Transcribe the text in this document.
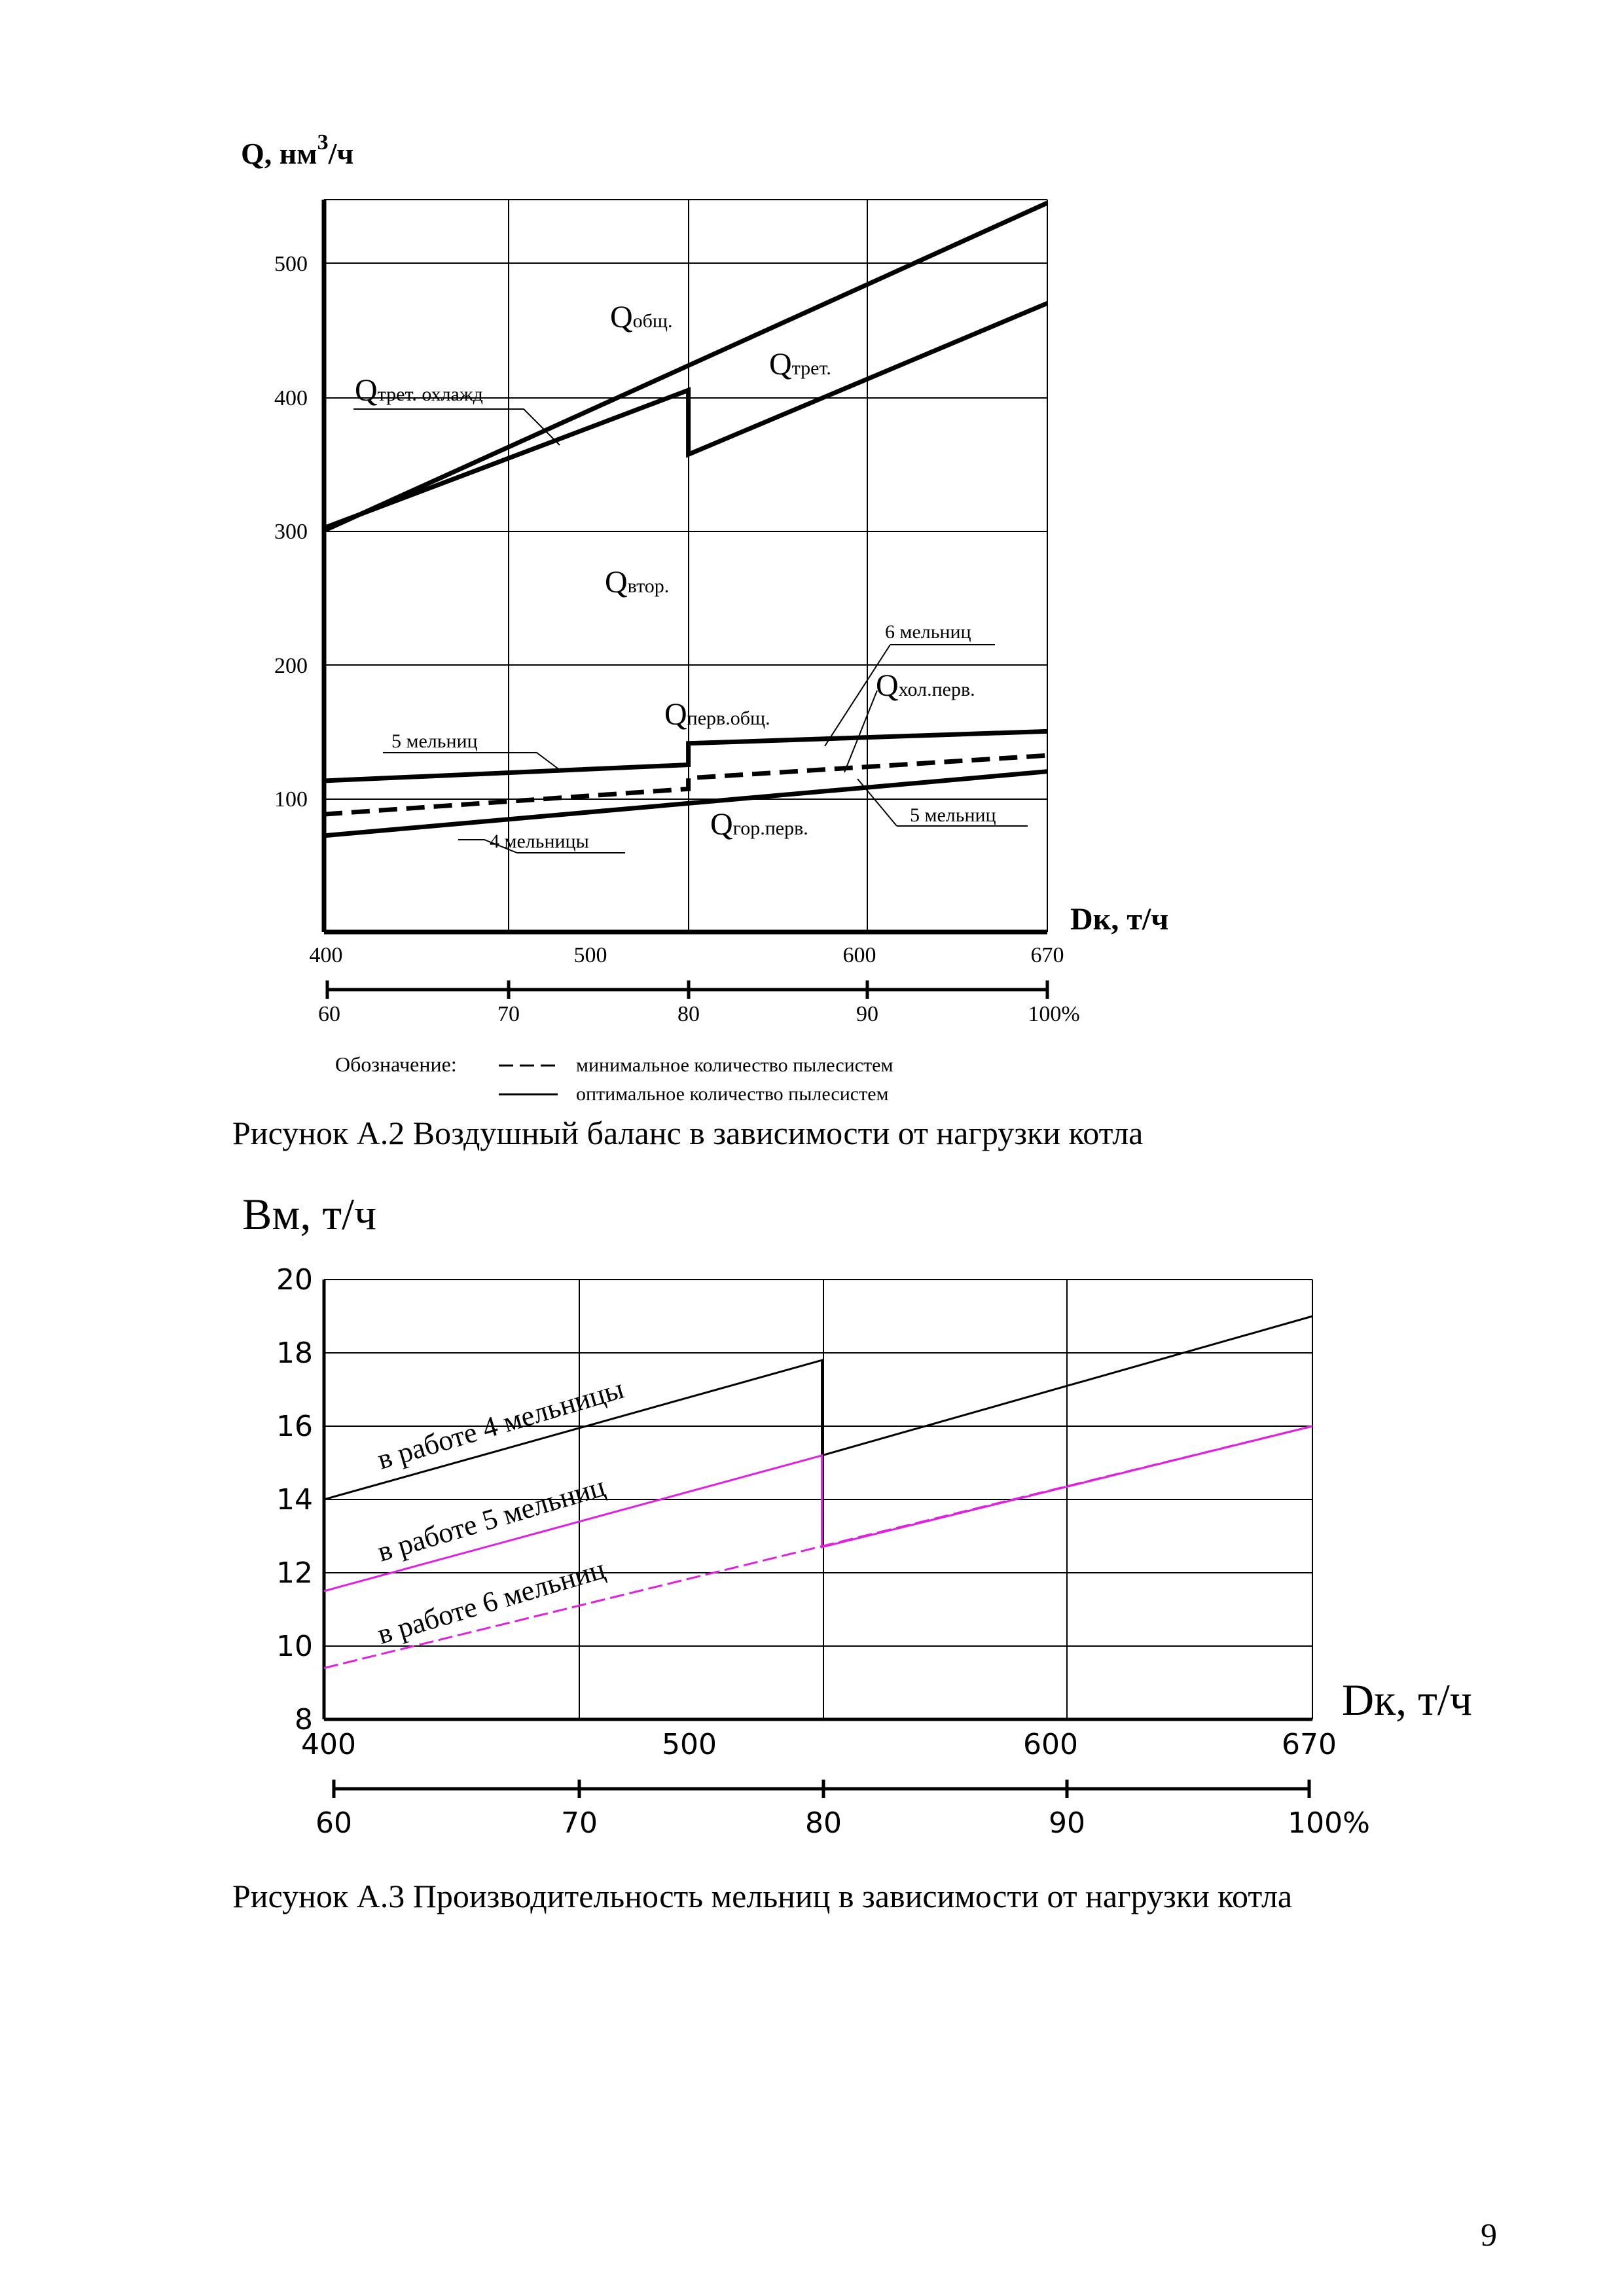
Q, $нм^3/ч$
100
200
300
400
500
400	500	600	670
Dк, т/ч
60	70	80	90	100%
Qобщ.
Qтрет.
Qтрет. охлажд
Qвтор.
Qперв.общ.
Qхол.перв.
Qгор.перв.
6 мельниц
5 мельниц
5 мельниц
4 мельницы
Обозначение:	минимальное количество пылесистем
оптимальное количество пылесистем
Рисунок А.2 Воздушный баланс в зависимости от нагрузки котла
Вм, т/ч
8
10
12
14
16
18
20
400	500	600	670
Dк, т/ч
60	70	80	90	100%
в работе 4 мельницы
в работе 5 мельниц
в работе 6 мельниц
Рисунок А.3 Производительность мельниц в зависимости от нагрузки котла
9
